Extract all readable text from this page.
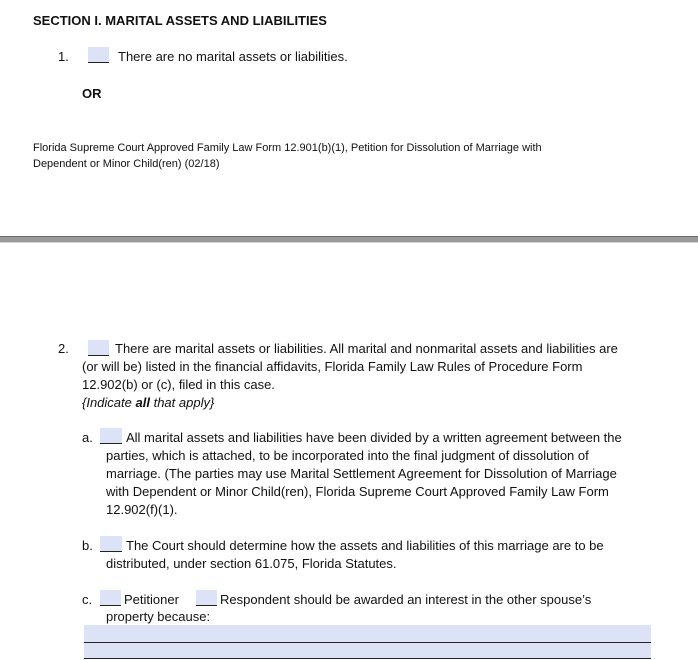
SECTION I. MARITAL ASSETS AND LIABILITIES
1.	There are no marital assets or liabilities.
OR
Florida Supreme Court Approved Family Law Form 12.901(b)(1), Petition for Dissolution of Marriage with
Dependent or Minor Child(ren) (02/18)
2.	There are marital assets or liabilities. All marital and nonmarital assets and liabilities are
(or will be) listed in the financial affidavits, Florida Family Law Rules of Procedure Form
12.902(b) or (c), filed in this case.
{Indicate all that apply}
a.	All marital assets and liabilities have been divided by a written agreement between the
parties, which is attached, to be incorporated into the final judgment of dissolution of
marriage. (The parties may use Marital Settlement Agreement for Dissolution of Marriage
with Dependent or Minor Child(ren), Florida Supreme Court Approved Family Law Form
12.902(f)(1).
b.	The Court should determine how the assets and liabilities of this marriage are to be
distributed, under section 61.075, Florida Statutes.
c. Petitioner	Respondent should be awarded an interest in the other spouse’s
property because:
